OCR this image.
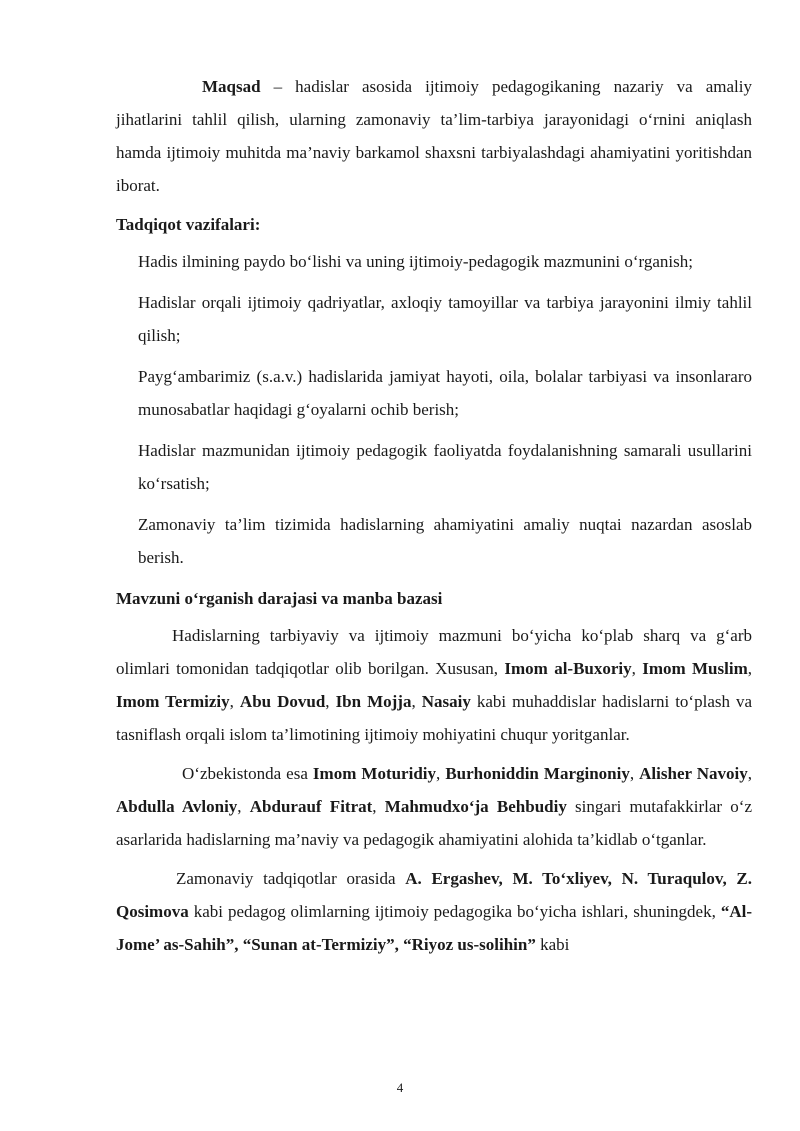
Maqsad – hadislar asosida ijtimoiy pedagogikaning nazariy va amaliy jihatlarini tahlil qilish, ularning zamonaviy ta’lim-tarbiya jarayonidagi o‘rnini aniqlash hamda ijtimoiy muhitda ma’naviy barkamol shaxsni tarbiyalashdagi ahamiyatini yoritishdan iborat.

Tadqiqot vazifalari:

Hadis ilmining paydo bo‘lishi va uning ijtimoiy-pedagogik mazmunini o‘rganish;

Hadislar orqali ijtimoiy qadriyatlar, axloqiy tamoyillar va tarbiya jarayonini ilmiy tahlil qilish;

Payg‘ambarimiz (s.a.v.) hadislarida jamiyat hayoti, oila, bolalar tarbiyasi va insonlararo munosabatlar haqidagi g‘oyalarni ochib berish;

Hadislar mazmunidan ijtimoiy pedagogik faoliyatda foydalanishning samarali usullarini ko‘rsatish;

Zamonaviy ta’lim tizimida hadislarning ahamiyatini amaliy nuqtai nazardan asoslab berish.

Mavzuni o‘rganish darajasi va manba bazasi

Hadislarning tarbiyaviy va ijtimoiy mazmuni bo‘yicha ko‘plab sharq va g‘arb olimlari tomonidan tadqiqotlar olib borilgan. Xususan, Imom al-Buxoriy, Imom Muslim, Imom Termiziy, Abu Dovud, Ibn Mojja, Nasaiy kabi muhaddislar hadislarni to‘plash va tasniflash orqali islom ta’limotining ijtimoiy mohiyatini chuqur yoritganlar.

O‘zbekistonda esa Imom Moturidiy, Burhoniddin Marginoniy, Alisher Navoiy, Abdulla Avloniy, Abdurauf Fitrat, Mahmudxo‘ja Behbudiy singari mutafakkirlar o‘z asarlarida hadislarning ma’naviy va pedagogik ahamiyatini alohida ta’kidlab o‘tganlar.

Zamonaviy tadqiqotlar orasida A. Ergashev, M. To‘xliyev, N. Turaqulov, Z. Qosimova kabi pedagog olimlarning ijtimoiy pedagogika bo‘yicha ishlari, shuningdek, “Al-Jome’ as-Sahih”, “Sunan at-Termiziy”, “Riyoz us-solihin” kabi

4
